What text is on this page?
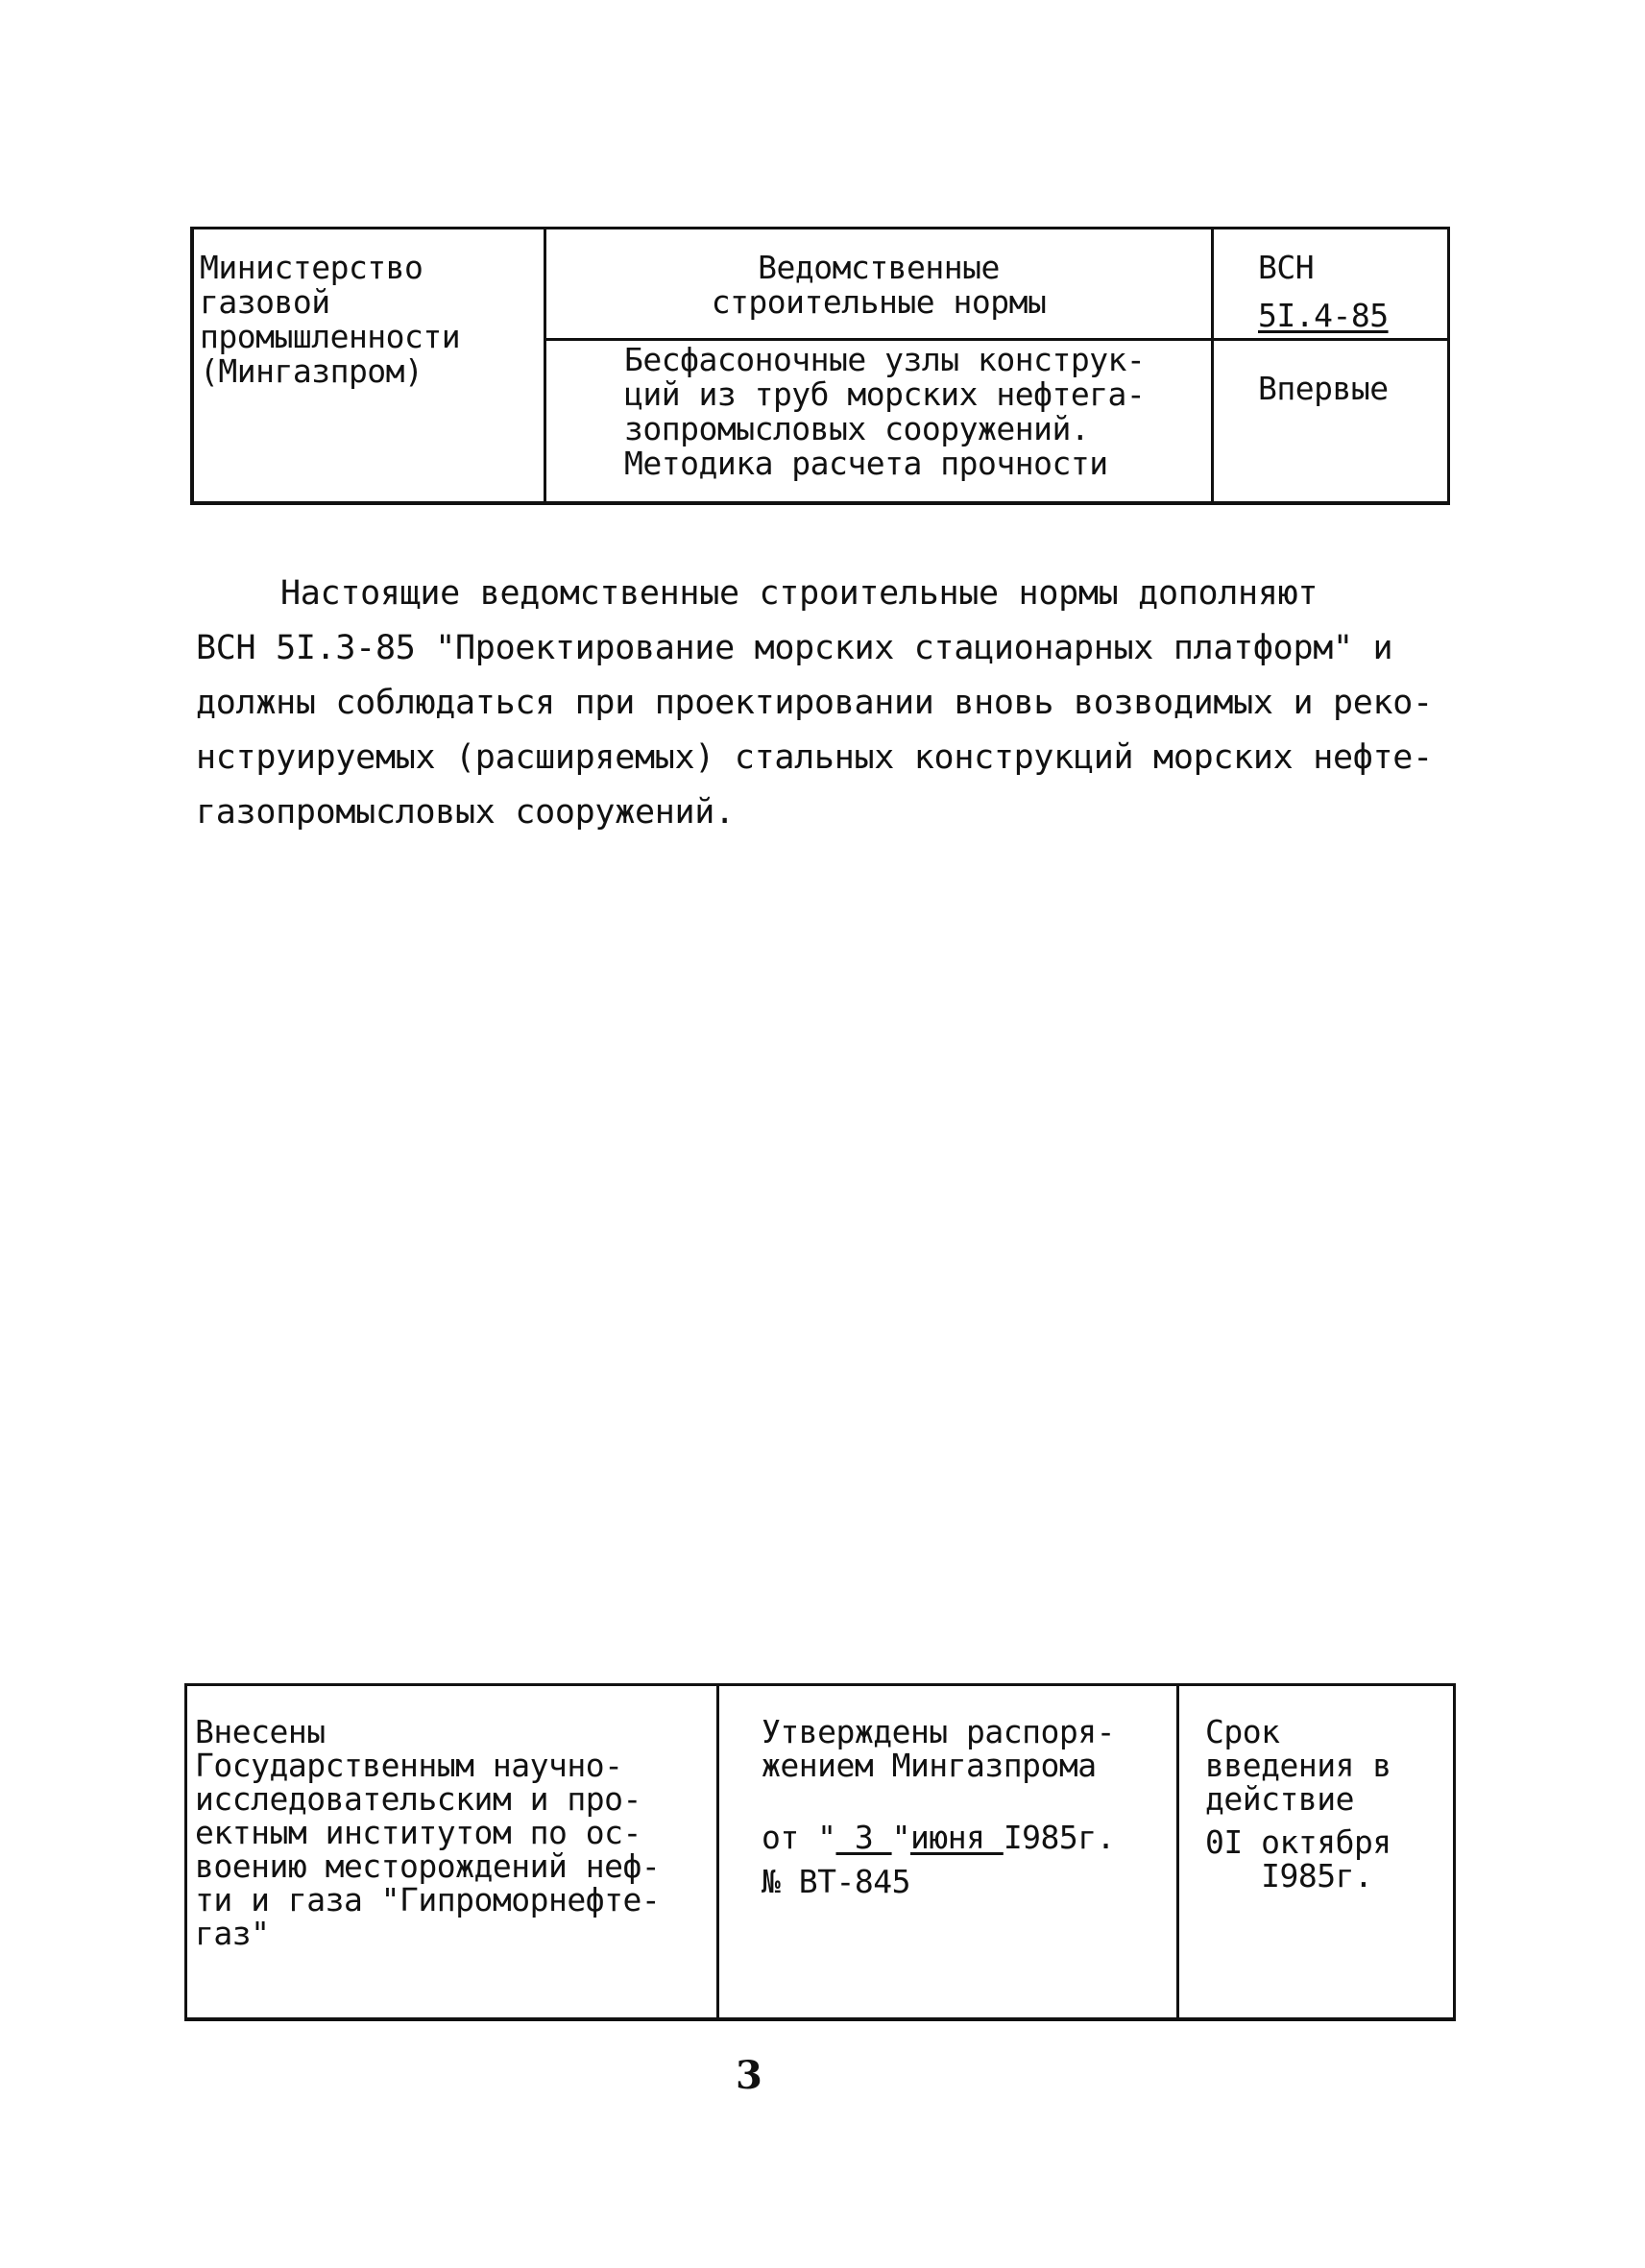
Министерство
газовой
промышленности
(Мингазпром)
Ведомственные
строительные нормы
Бесфасоночные узлы конструк-
ций из труб морских нефтега-
зопромысловых сооружений.
Методика расчета прочности
ВСН
5I.4-85
Впервые
Настоящие ведомственные строительные нормы дополняют
ВСН 5I.3-85 "Проектирование морских стационарных платформ" и
должны соблюдаться при проектировании вновь возводимых и реко-
нструируемых (расширяемых) стальных конструкций морских нефте-
газопромысловых сооружений.
Внесены
Государственным научно-
исследовательским и про-
ектным институтом по ос-
воению месторождений неф-
ти и газа "Гипроморнефте-
газ"
Утверждены распоря-
жением Мингазпрома
от " 3 "июня I985г.
№ ВТ-845
Срок
введения в
действие
0I октября
I985г.
3
